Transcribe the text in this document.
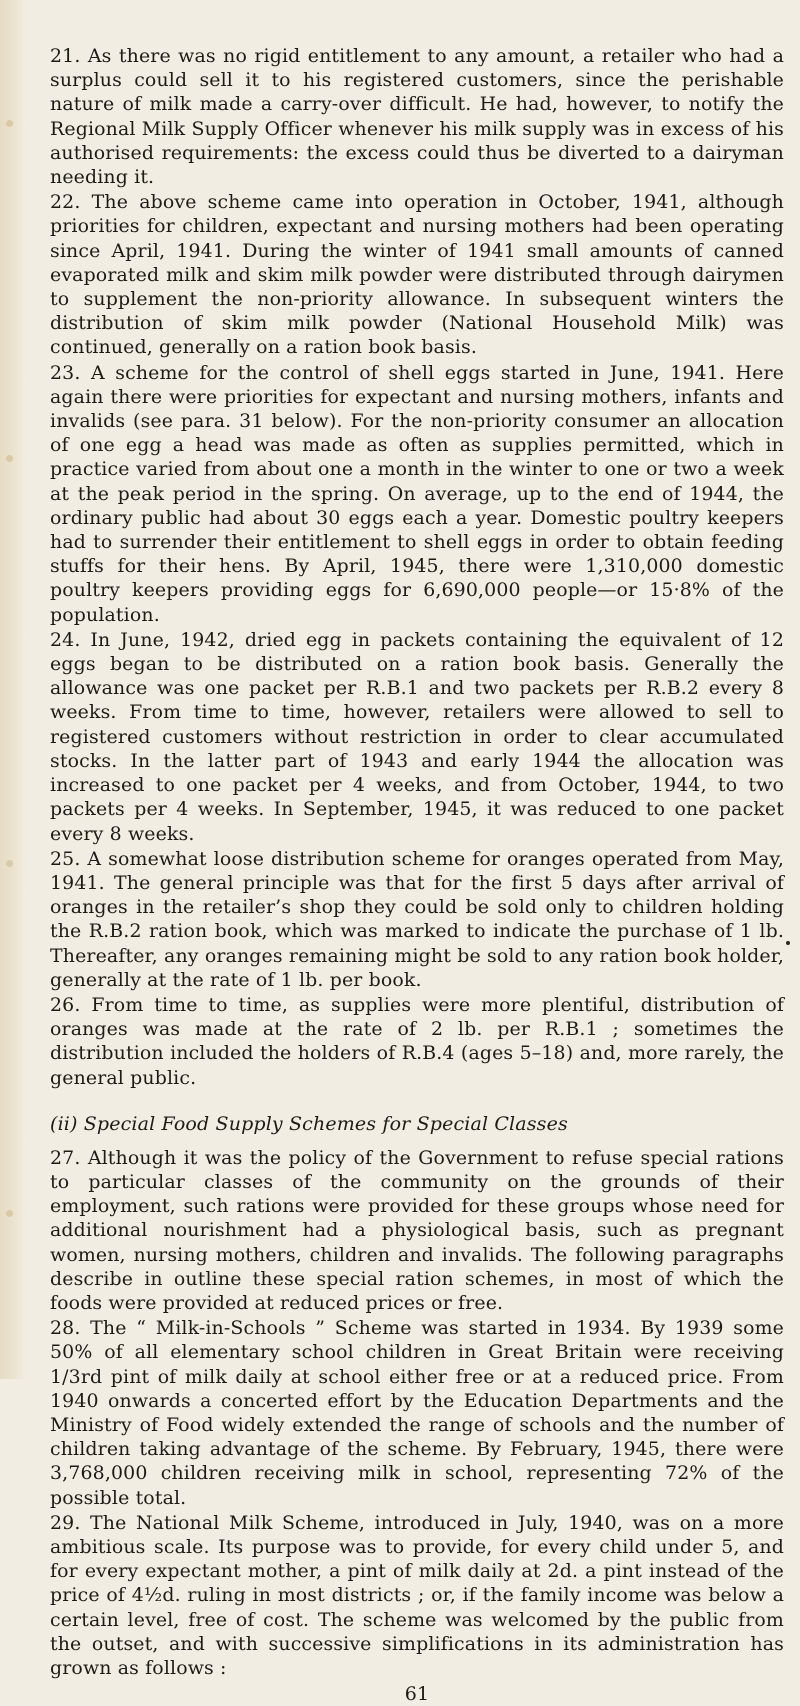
21. As there was no rigid entitlement to any amount, a retailer who had a surplus could sell it to his registered customers, since the perishable nature of milk made a carry-over difficult. He had, however, to notify the Regional Milk Supply Officer whenever his milk supply was in excess of his authorised requirements: the excess could thus be diverted to a dairyman needing it.

22. The above scheme came into operation in October, 1941, although priorities for children, expectant and nursing mothers had been operating since April, 1941. During the winter of 1941 small amounts of canned evaporated milk and skim milk powder were distributed through dairymen to supplement the non-priority allowance. In subsequent winters the distribution of skim milk powder (National Household Milk) was continued, generally on a ration book basis.

23. A scheme for the control of shell eggs started in June, 1941. Here again there were priorities for expectant and nursing mothers, infants and invalids (see para. 31 below). For the non-priority consumer an allocation of one egg a head was made as often as supplies permitted, which in practice varied from about one a month in the winter to one or two a week at the peak period in the spring. On average, up to the end of 1944, the ordinary public had about 30 eggs each a year. Domestic poultry keepers had to surrender their entitlement to shell eggs in order to obtain feeding stuffs for their hens. By April, 1945, there were 1,310,000 domestic poultry keepers providing eggs for 6,690,000 people—or 15·8% of the population.

24. In June, 1942, dried egg in packets containing the equivalent of 12 eggs began to be distributed on a ration book basis. Generally the allowance was one packet per R.B.1 and two packets per R.B.2 every 8 weeks. From time to time, however, retailers were allowed to sell to registered customers without restriction in order to clear accumulated stocks. In the latter part of 1943 and early 1944 the allocation was increased to one packet per 4 weeks, and from October, 1944, to two packets per 4 weeks. In September, 1945, it was reduced to one packet every 8 weeks.

25. A somewhat loose distribution scheme for oranges operated from May, 1941. The general principle was that for the first 5 days after arrival of oranges in the retailer’s shop they could be sold only to children holding the R.B.2 ration book, which was marked to indicate the purchase of 1 lb. Thereafter, any oranges remaining might be sold to any ration book holder, generally at the rate of 1 lb. per book.

26. From time to time, as supplies were more plentiful, distribution of oranges was made at the rate of 2 lb. per R.B.1 ; sometimes the distribution included the holders of R.B.4 (ages 5–18) and, more rarely, the general public.

(ii) Special Food Supply Schemes for Special Classes

27. Although it was the policy of the Government to refuse special rations to particular classes of the community on the grounds of their employment, such rations were provided for these groups whose need for additional nourishment had a physiological basis, such as pregnant women, nursing mothers, children and invalids. The following paragraphs describe in outline these special ration schemes, in most of which the foods were provided at reduced prices or free.

28. The “ Milk-in-Schools ” Scheme was started in 1934. By 1939 some 50% of all elementary school children in Great Britain were receiving 1/3rd pint of milk daily at school either free or at a reduced price. From 1940 onwards a concerted effort by the Education Departments and the Ministry of Food widely extended the range of schools and the number of children taking advantage of the scheme. By February, 1945, there were 3,768,000 children receiving milk in school, representing 72% of the possible total.

29. The National Milk Scheme, introduced in July, 1940, was on a more ambitious scale. Its purpose was to provide, for every child under 5, and for every expectant mother, a pint of milk daily at 2d. a pint instead of the price of 4½d. ruling in most districts ; or, if the family income was below a certain level, free of cost. The scheme was welcomed by the public from the outset, and with successive simplifications in its administration has grown as follows :

61
